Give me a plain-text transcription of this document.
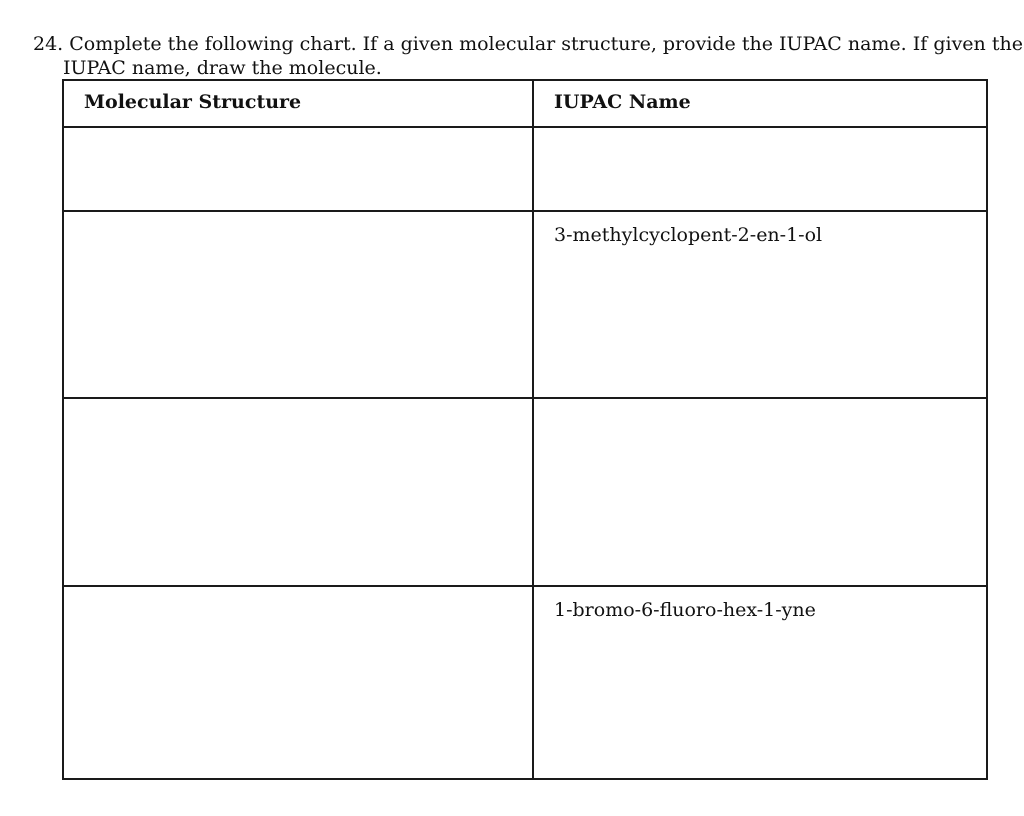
24. Complete the following chart. If a given molecular structure, provide the IUPAC name. If given the
IUPAC name, draw the molecule.
Molecular Structure	IUPAC Name

	3-methylcyclopent-2-en-1-ol

	1-bromo-6-fluoro-hex-1-yne
